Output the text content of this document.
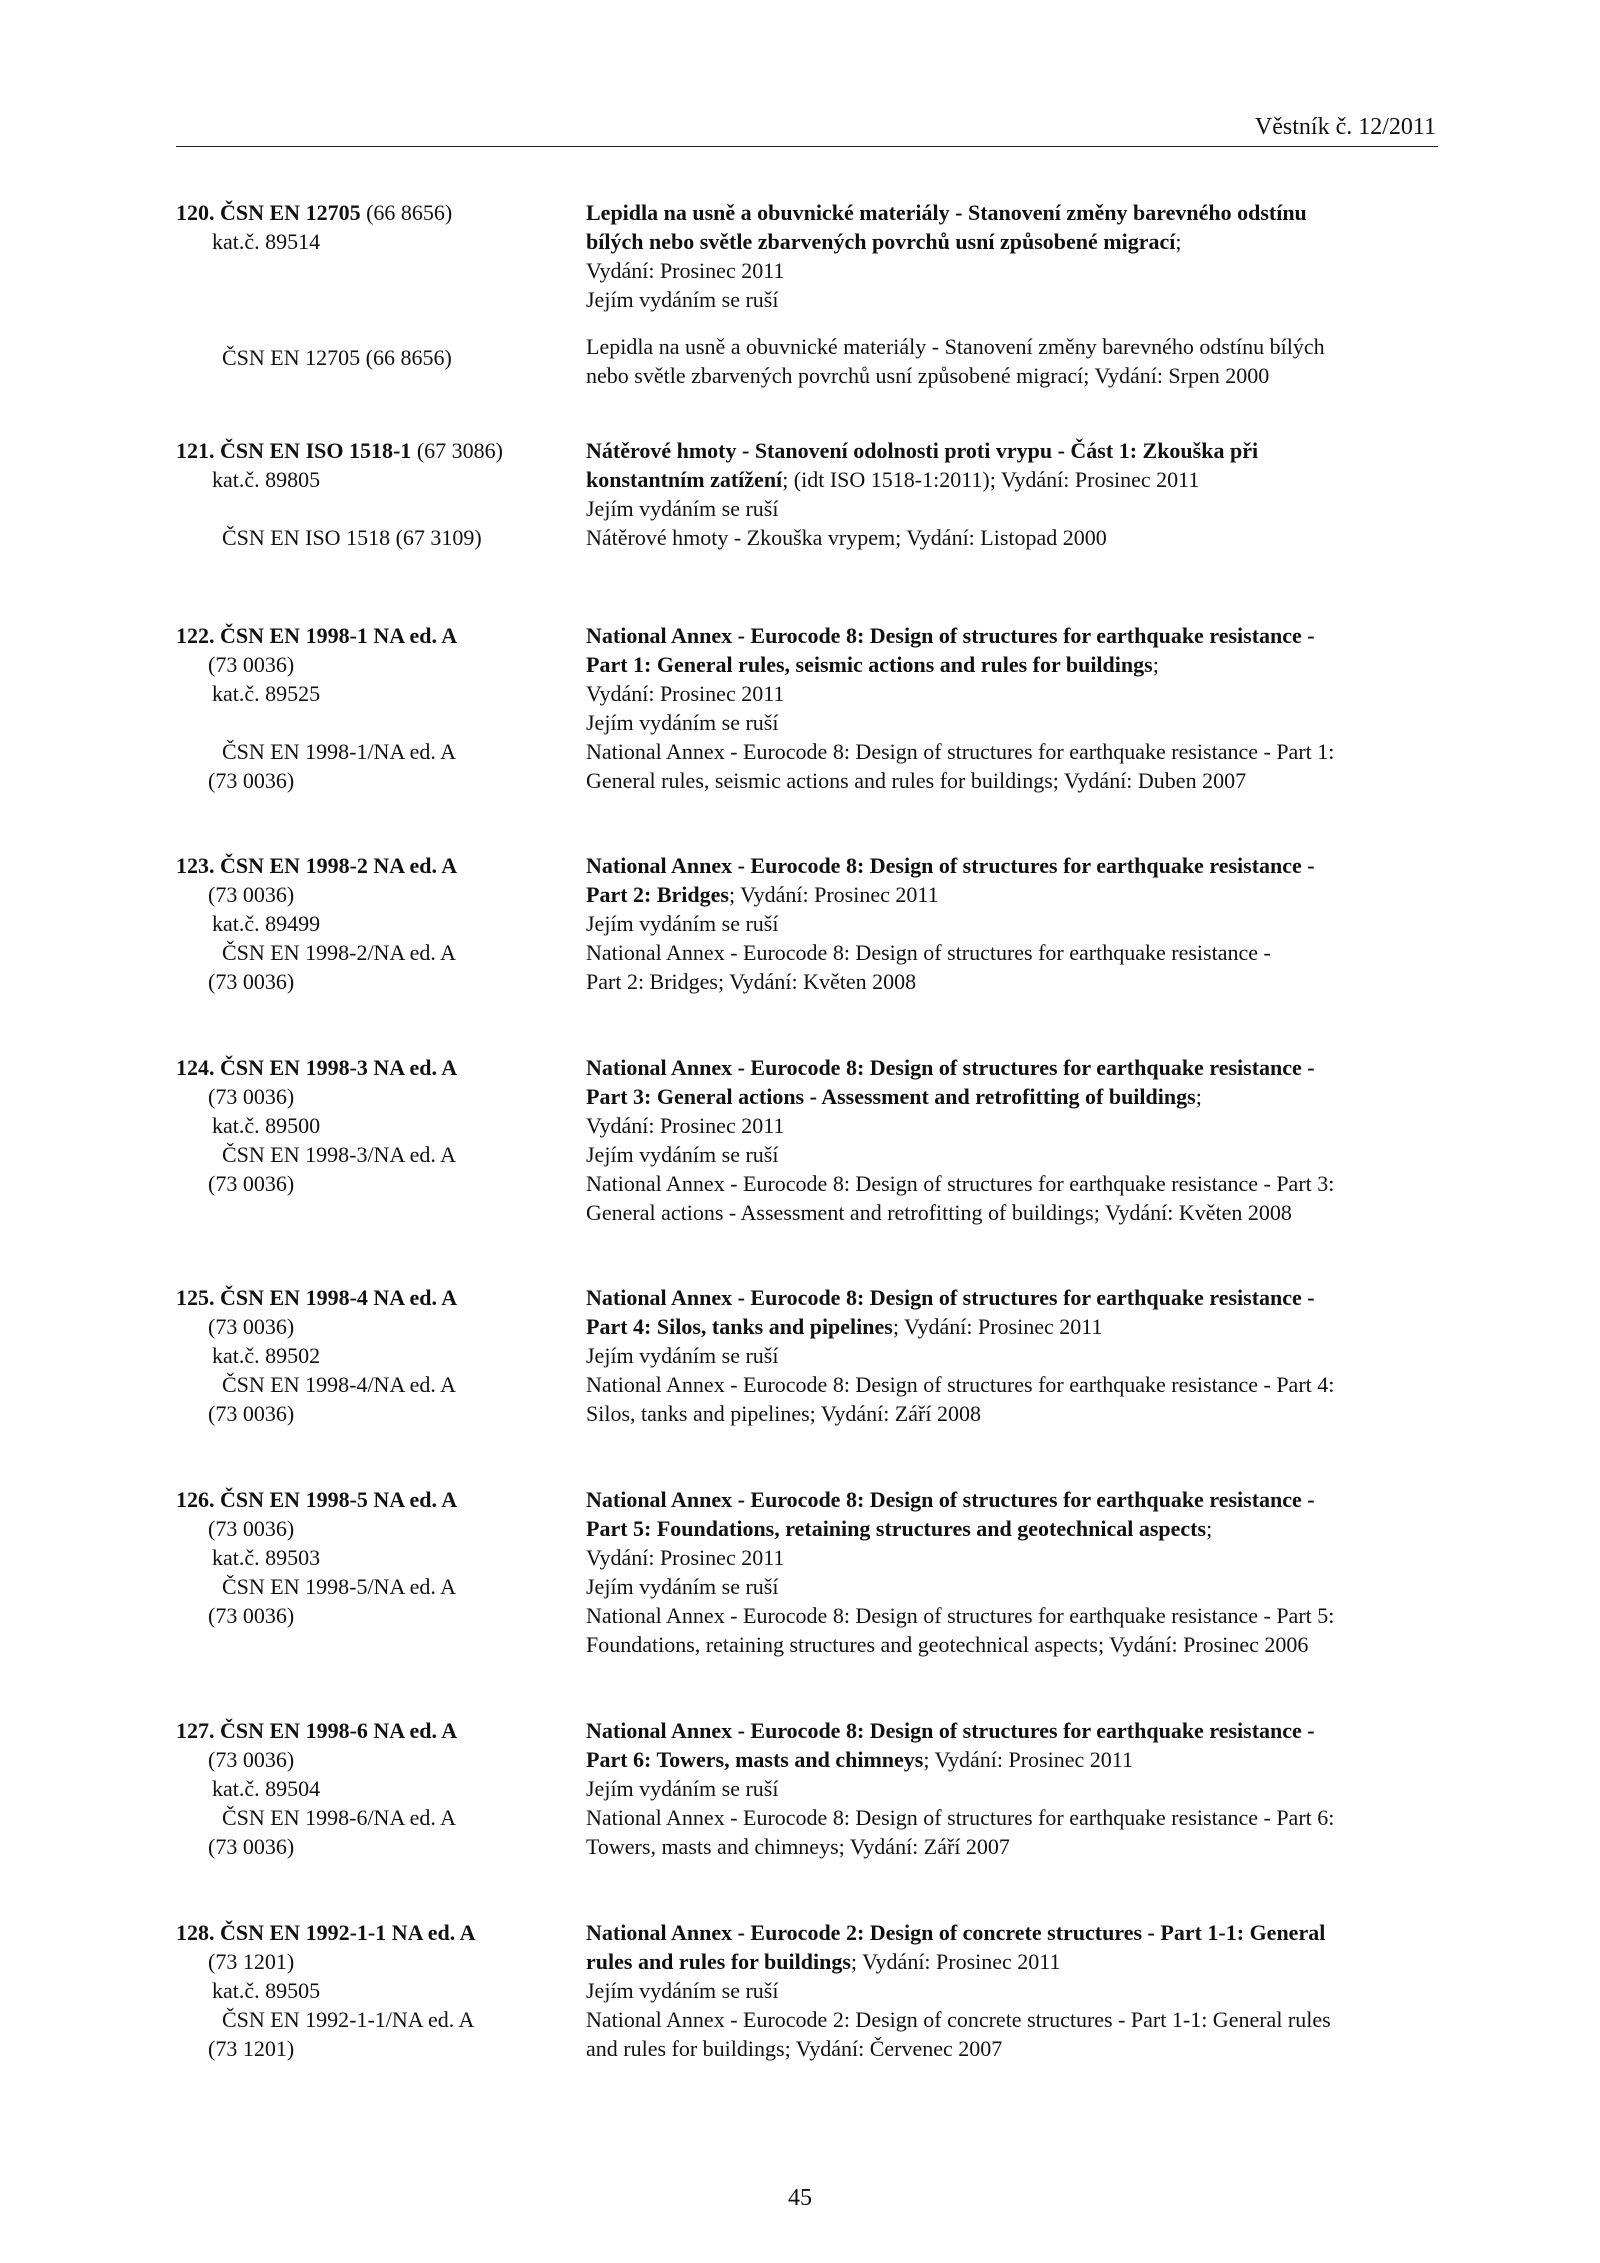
Věstník č. 12/2011
120. ČSN EN 12705 (66 8656)
kat.č. 89514
ČSN EN 12705 (66 8656)
Lepidla na usně a obuvnické materiály - Stanovení změny barevného odstínu
bílých nebo světle zbarvených povrchů usní způsobené migrací;
Vydání: Prosinec 2011
Jejím vydáním se ruší
Lepidla na usně a obuvnické materiály - Stanovení změny barevného odstínu bílých
nebo světle zbarvených povrchů usní způsobené migrací; Vydání: Srpen 2000
121. ČSN EN ISO 1518-1 (67 3086)
kat.č. 89805
ČSN EN ISO 1518 (67 3109)
Nátěrové hmoty - Stanovení odolnosti proti vrypu - Část 1: Zkouška při
konstantním zatížení; (idt ISO 1518-1:2011); Vydání: Prosinec 2011
Jejím vydáním se ruší
Nátěrové hmoty - Zkouška vrypem; Vydání: Listopad 2000
122. ČSN EN 1998-1 NA ed. A
(73 0036)
kat.č. 89525
ČSN EN 1998-1/NA ed. A
(73 0036)
National Annex - Eurocode 8: Design of structures for earthquake resistance -
Part 1: General rules, seismic actions and rules for buildings;
Vydání: Prosinec 2011
Jejím vydáním se ruší
National Annex - Eurocode 8: Design of structures for earthquake resistance - Part 1:
General rules, seismic actions and rules for buildings; Vydání: Duben 2007
123. ČSN EN 1998-2 NA ed. A
(73 0036)
kat.č. 89499
ČSN EN 1998-2/NA ed. A
(73 0036)
National Annex - Eurocode 8: Design of structures for earthquake resistance -
Part 2: Bridges; Vydání: Prosinec 2011
Jejím vydáním se ruší
National Annex - Eurocode 8: Design of structures for earthquake resistance -
Part 2: Bridges; Vydání: Květen 2008
124. ČSN EN 1998-3 NA ed. A
(73 0036)
kat.č. 89500
ČSN EN 1998-3/NA ed. A
(73 0036)
National Annex - Eurocode 8: Design of structures for earthquake resistance -
Part 3: General actions - Assessment and retrofitting of buildings;
Vydání: Prosinec 2011
Jejím vydáním se ruší
National Annex - Eurocode 8: Design of structures for earthquake resistance - Part 3:
General actions - Assessment and retrofitting of buildings; Vydání: Květen 2008
125. ČSN EN 1998-4 NA ed. A
(73 0036)
kat.č. 89502
ČSN EN 1998-4/NA ed. A
(73 0036)
National Annex - Eurocode 8: Design of structures for earthquake resistance -
Part 4: Silos, tanks and pipelines; Vydání: Prosinec 2011
Jejím vydáním se ruší
National Annex - Eurocode 8: Design of structures for earthquake resistance - Part 4:
Silos, tanks and pipelines; Vydání: Září 2008
126. ČSN EN 1998-5 NA ed. A
(73 0036)
kat.č. 89503
ČSN EN 1998-5/NA ed. A
(73 0036)
National Annex - Eurocode 8: Design of structures for earthquake resistance -
Part 5: Foundations, retaining structures and geotechnical aspects;
Vydání: Prosinec 2011
Jejím vydáním se ruší
National Annex - Eurocode 8: Design of structures for earthquake resistance - Part 5:
Foundations, retaining structures and geotechnical aspects; Vydání: Prosinec 2006
127. ČSN EN 1998-6 NA ed. A
(73 0036)
kat.č. 89504
ČSN EN 1998-6/NA ed. A
(73 0036)
National Annex - Eurocode 8: Design of structures for earthquake resistance -
Part 6: Towers, masts and chimneys; Vydání: Prosinec 2011
Jejím vydáním se ruší
National Annex - Eurocode 8: Design of structures for earthquake resistance - Part 6:
Towers, masts and chimneys; Vydání: Září 2007
128. ČSN EN 1992-1-1 NA ed. A
(73 1201)
kat.č. 89505
ČSN EN 1992-1-1/NA ed. A
(73 1201)
National Annex - Eurocode 2: Design of concrete structures - Part 1-1: General
rules and rules for buildings; Vydání: Prosinec 2011
Jejím vydáním se ruší
National Annex - Eurocode 2: Design of concrete structures - Part 1-1: General rules
and rules for buildings; Vydání: Červenec 2007
45
